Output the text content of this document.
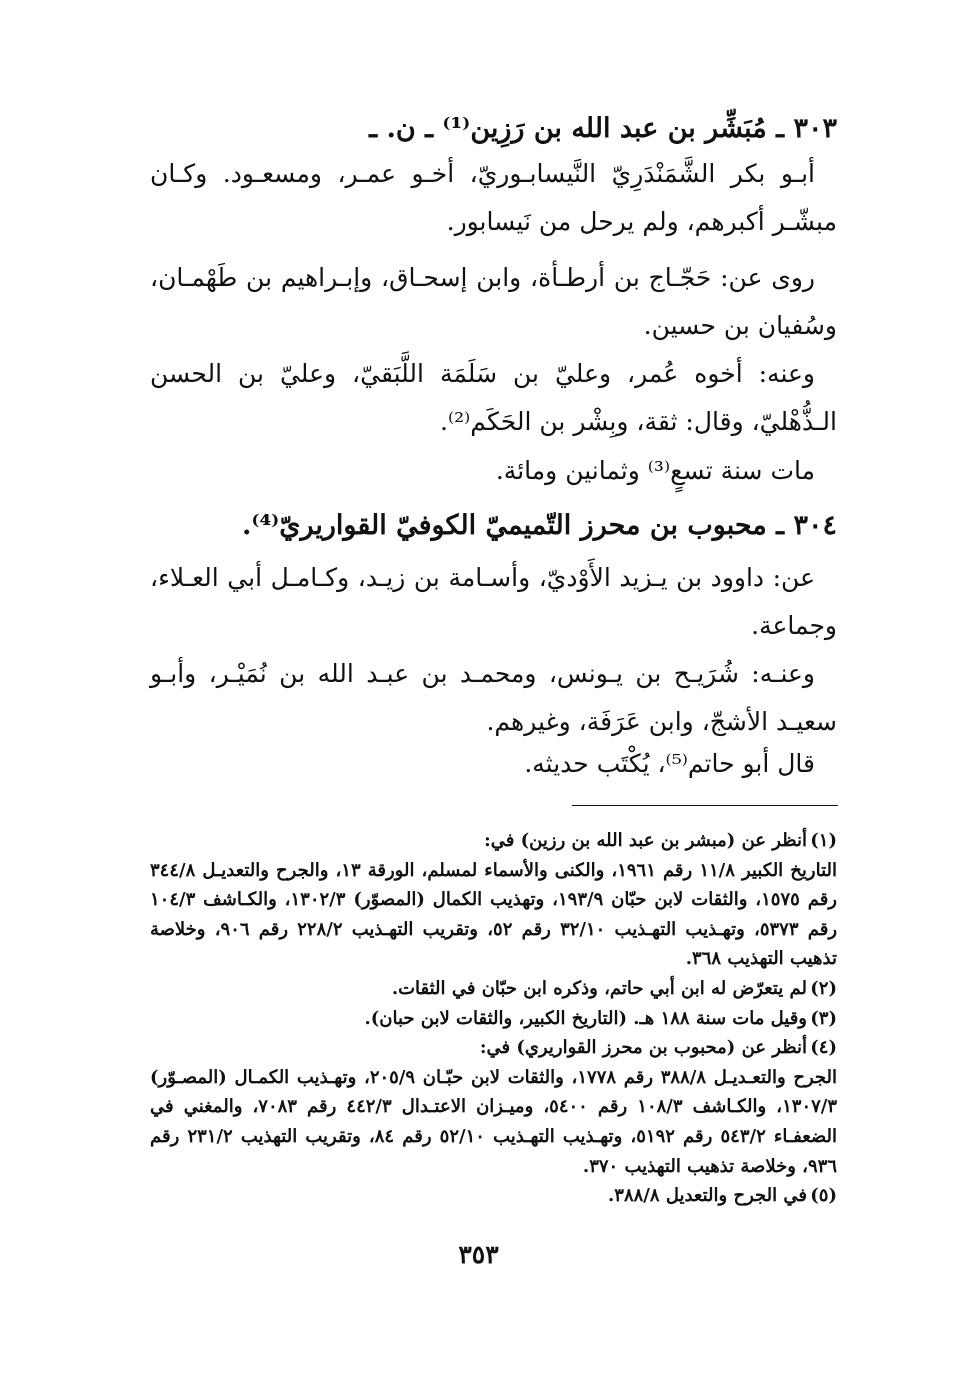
٣٠٣ ـ مُبَشِّر بن عبد الله بن رَزِين⁽¹⁾ ـ ن. ـ

أبـو بكر الشَّمَنْدَرِيّ النَّيسابـوريّ، أخـو عمـر، ومسعـود. وكـان مبشّـر أكبرهم، ولم يرحل من نَيسابور.

روى عن: حَجّـاج بن أرطـأة، وابن إسحـاق، وإبـراهيم بن طَهْمـان، وسُفيان بن حسين.

وعنه: أخوه عُمر، وعليّ بن سَلَمَة اللَّبَقيّ، وعليّ بن الحسن الـذُّهْليّ، وقال: ثقة، وبِشْر بن الحَكَم⁽²⁾.

مات سنة تسعٍ⁽³⁾ وثمانين ومائة.

٣٠٤ ـ محبوب بن محرز التّميميّ الكوفيّ القواريريّ⁽⁴⁾.

عن: داوود بن يـزيد الأَوْديّ، وأسـامة بن زيـد، وكـامـل أبي العـلاء، وجماعة.

وعنـه: شُرَيـح بن يـونس، ومحمـد بن عبـد الله بن نُمَيْـر، وأبـو سعيـد الأشجّ، وابن عَرَفَة، وغيرهم.

قال أبو حاتم⁽⁵⁾، يُكْتَب حديثه.

(١)أنظر عن (مبشر بن عبد الله بن رزين) في:
التاريخ الكبير ١١/٨ رقم ١٩٦١، والكنى والأسماء لمسلم، الورقة ١٣، والجرح والتعديـل ٣٤٤/٨ رقم ١٥٧٥، والثقات لابن حبّان ١٩٣/٩، وتهذيب الكمال (المصوّر) ١٣٠٢/٣، والكـاشف ١٠٤/٣ رقم ٥٣٧٣، وتهـذيب التهـذيب ٣٢/١٠ رقم ٥٢، وتقريب التهـذيب ٢٢٨/٢ رقم ٩٠٦، وخلاصة تذهيب التهذيب ٣٦٨.
(٢)لم يتعرّض له ابن أبي حاتم، وذكره ابن حبّان في الثقات.
(٣)وقيل مات سنة ١٨٨ هـ. (التاريخ الكبير، والثقات لابن حبان).
(٤)أنظر عن (محبوب بن محرز القواريري) في:
الجرح والتعـديـل ٣٨٨/٨ رقم ١٧٧٨، والثقات لابن حبّـان ٢٠٥/٩، وتهـذيب الكمـال (المصـوّر) ١٣٠٧/٣، والكـاشف ١٠٨/٣ رقم ٥٤٠٠، وميـزان الاعتـدال ٤٤٢/٣ رقم ٧٠٨٣، والمغني في الضعفـاء ٥٤٣/٢ رقم ٥١٩٢، وتهـذيب التهـذيب ٥٢/١٠ رقم ٨٤، وتقريب التهذيب ٢٣١/٢ رقم ٩٣٦، وخلاصة تذهيب التهذيب ٣٧٠.
(٥)في الجرح والتعديل ٣٨٨/٨.
٣٥٣
